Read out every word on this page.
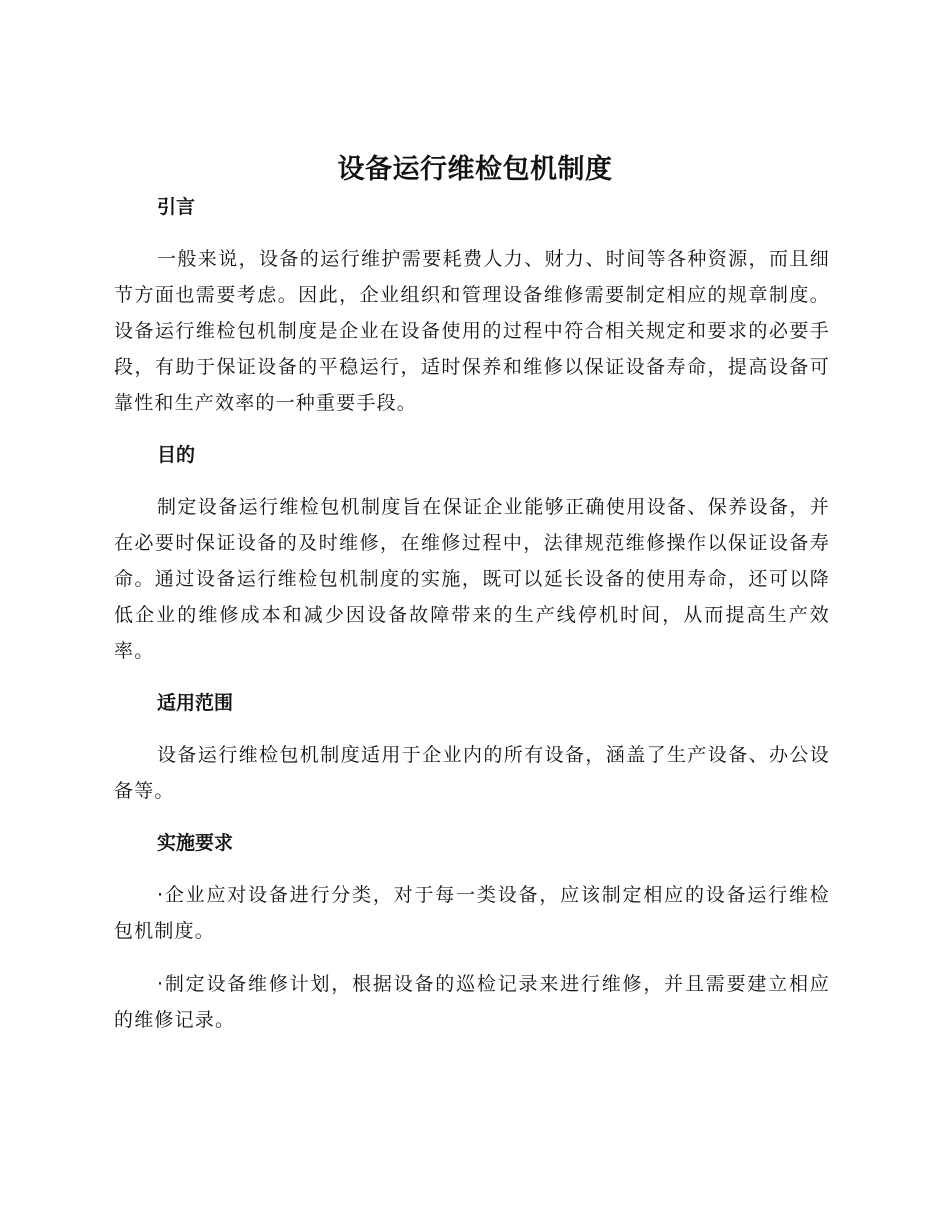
设备运行维检包机制度
引言

一般来说，设备的运行维护需要耗费人力、财力、时间等各种资源，而且细节方面也需要考虑。因此，企业组织和管理设备维修需要制定相应的规章制度。设备运行维检包机制度是企业在设备使用的过程中符合相关规定和要求的必要手段，有助于保证设备的平稳运行，适时保养和维修以保证设备寿命，提高设备可靠性和生产效率的一种重要手段。

目的

制定设备运行维检包机制度旨在保证企业能够正确使用设备、保养设备，并在必要时保证设备的及时维修，在维修过程中，法律规范维修操作以保证设备寿命。通过设备运行维检包机制度的实施，既可以延长设备的使用寿命，还可以降低企业的维修成本和减少因设备故障带来的生产线停机时间，从而提高生产效率。

适用范围

设备运行维检包机制度适用于企业内的所有设备，涵盖了生产设备、办公设备等。

实施要求

·企业应对设备进行分类，对于每一类设备，应该制定相应的设备运行维检包机制度。

·制定设备维修计划，根据设备的巡检记录来进行维修，并且需要建立相应的维修记录。
